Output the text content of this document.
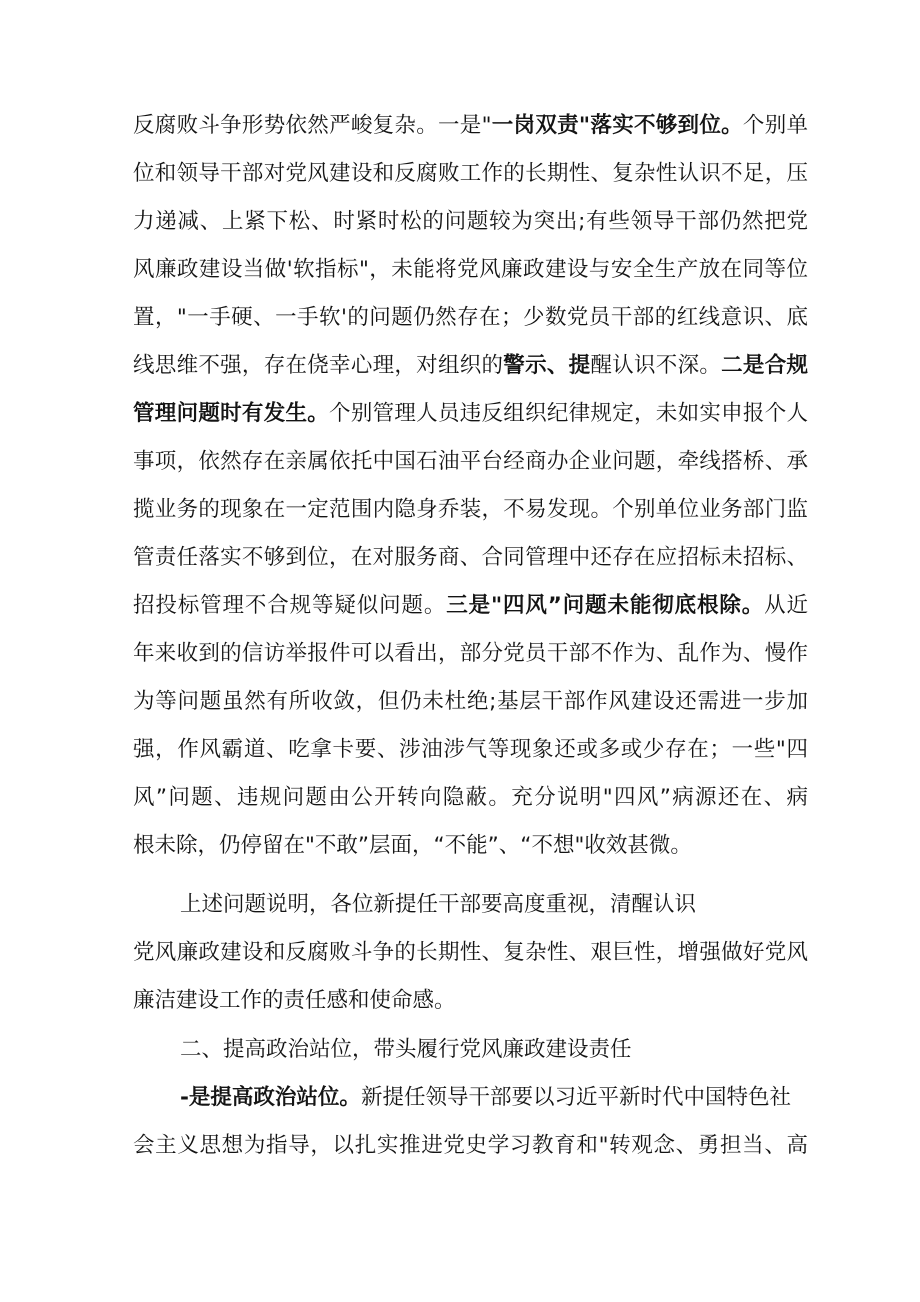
反腐败斗争形势依然严峻复杂。一是"一岗双责"落实不够到位。个别单
位和领导干部对党风建设和反腐败工作的长期性、复杂性认识不足，压
力递减、上紧下松、时紧时松的问题较为突出;有些领导干部仍然把党
风廉政建设当做'软指标"，未能将党风廉政建设与安全生产放在同等位
置，"一手硬、一手软'的问题仍然存在；少数党员干部的红线意识、底
线思维不强，存在侥幸心理，对组织的警示、提醒认识不深。二是合规
管理问题时有发生。个别管理人员违反组织纪律规定，未如实申报个人
事项，依然存在亲属依托中国石油平台经商办企业问题，牵线搭桥、承
揽业务的现象在一定范围内隐身乔装，不易发现。个别单位业务部门监
管责任落实不够到位，在对服务商、合同管理中还存在应招标未招标、
招投标管理不合规等疑似问题。三是"四风”问题未能彻底根除。从近
年来收到的信访举报件可以看出，部分党员干部不作为、乱作为、慢作
为等问题虽然有所收敛，但仍未杜绝;基层干部作风建设还需进一步加
强，作风霸道、吃拿卡要、涉油涉气等现象还或多或少存在；一些"四
风”问题、违规问题由公开转向隐蔽。充分说明"四风”病源还在、病
根未除，仍停留在"不敢”层面，“不能”、“不想"收效甚微。
上述问题说明，各位新提任干部要高度重视，清醒认识
党风廉政建设和反腐败斗争的长期性、复杂性、艰巨性，增强做好党风
廉洁建设工作的责任感和使命感。
二、提高政治站位，带头履行党风廉政建设责任
-是提高政治站位。新提任领导干部要以习近平新时代中国特色社
会主义思想为指导，以扎实推进党史学习教育和"转观念、勇担当、高
